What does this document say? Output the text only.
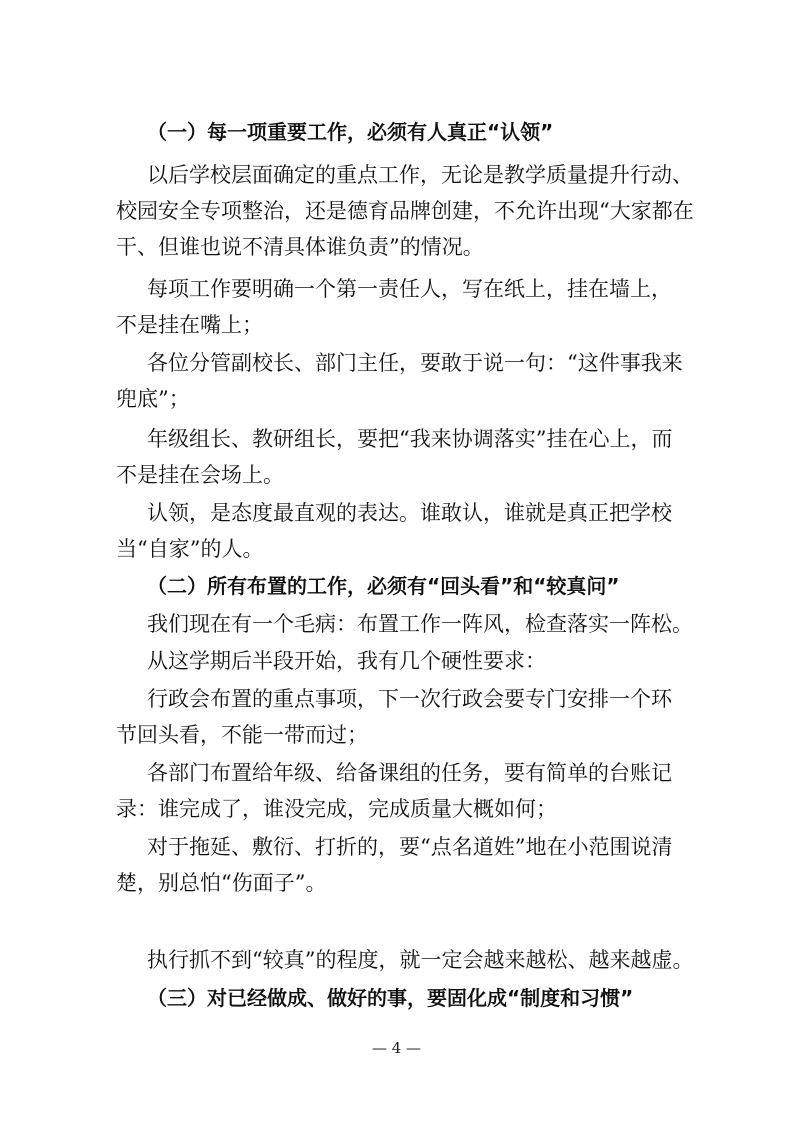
（一）每一项重要工作，必须有人真正“认领”
以后学校层面确定的重点工作，无论是教学质量提升行动、
校园安全专项整治，还是德育品牌创建，不允许出现“大家都在
干、但谁也说不清具体谁负责”的情况。
每项工作要明确一个第一责任人，写在纸上，挂在墙上，
不是挂在嘴上；
各位分管副校长、部门主任，要敢于说一句：“这件事我来
兜底”；
年级组长、教研组长，要把“我来协调落实”挂在心上，而
不是挂在会场上。
认领，是态度最直观的表达。谁敢认，谁就是真正把学校
当“自家”的人。
（二）所有布置的工作，必须有“回头看”和“较真问”
我们现在有一个毛病：布置工作一阵风，检查落实一阵松。
从这学期后半段开始，我有几个硬性要求：
行政会布置的重点事项，下一次行政会要专门安排一个环
节回头看，不能一带而过；
各部门布置给年级、给备课组的任务，要有简单的台账记
录：谁完成了，谁没完成，完成质量大概如何；
对于拖延、敷衍、打折的，要“点名道姓”地在小范围说清
楚，别总怕“伤面子”。
执行抓不到“较真”的程度，就一定会越来越松、越来越虚。
（三）对已经做成、做好的事，要固化成“制度和习惯”
— 4 —
